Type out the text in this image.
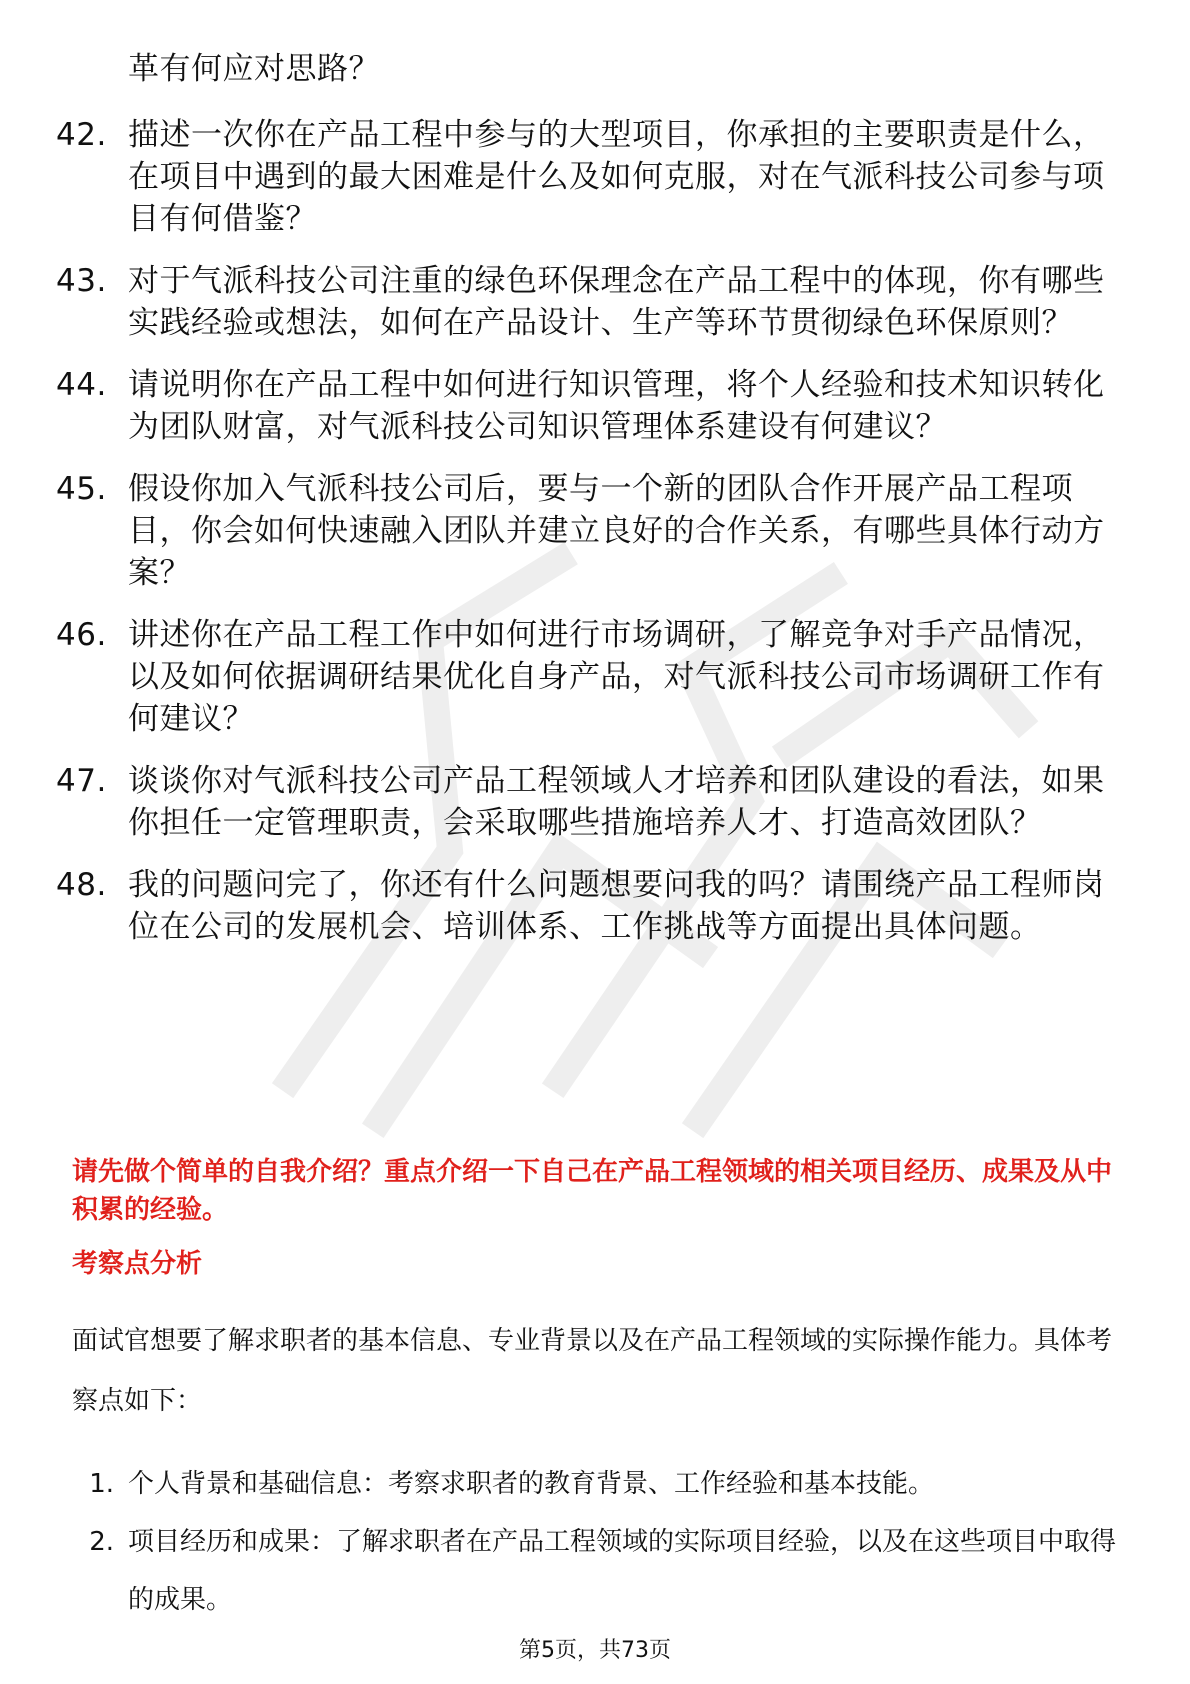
革有何应对思路？
42. 描述一次你在产品工程中参与的大型项目，你承担的主要职责是什么，在项目中遇到的最大困难是什么及如何克服，对在气派科技公司参与项目有何借鉴？
43. 对于气派科技公司注重的绿色环保理念在产品工程中的体现，你有哪些实践经验或想法，如何在产品设计、生产等环节贯彻绿色环保原则？
44. 请说明你在产品工程中如何进行知识管理，将个人经验和技术知识转化为团队财富，对气派科技公司知识管理体系建设有何建议？
45. 假设你加入气派科技公司后，要与一个新的团队合作开展产品工程项目，你会如何快速融入团队并建立良好的合作关系，有哪些具体行动方案？
46. 讲述你在产品工程工作中如何进行市场调研，了解竞争对手产品情况，以及如何依据调研结果优化自身产品，对气派科技公司市场调研工作有何建议？
47. 谈谈你对气派科技公司产品工程领域人才培养和团队建设的看法，如果你担任一定管理职责，会采取哪些措施培养人才、打造高效团队？
48. 我的问题问完了，你还有什么问题想要问我的吗？请围绕产品工程师岗位在公司的发展机会、培训体系、工作挑战等方面提出具体问题。
请先做个简单的自我介绍？重点介绍一下自己在产品工程领域的相关项目经历、成果及从中积累的经验。
考察点分析
面试官想要了解求职者的基本信息、专业背景以及在产品工程领域的实际操作能力。具体考察点如下：
1. 个人背景和基础信息：考察求职者的教育背景、工作经验和基本技能。
2. 项目经历和成果：了解求职者在产品工程领域的实际项目经验，以及在这些项目中取得的成果。
第5页，共73页
